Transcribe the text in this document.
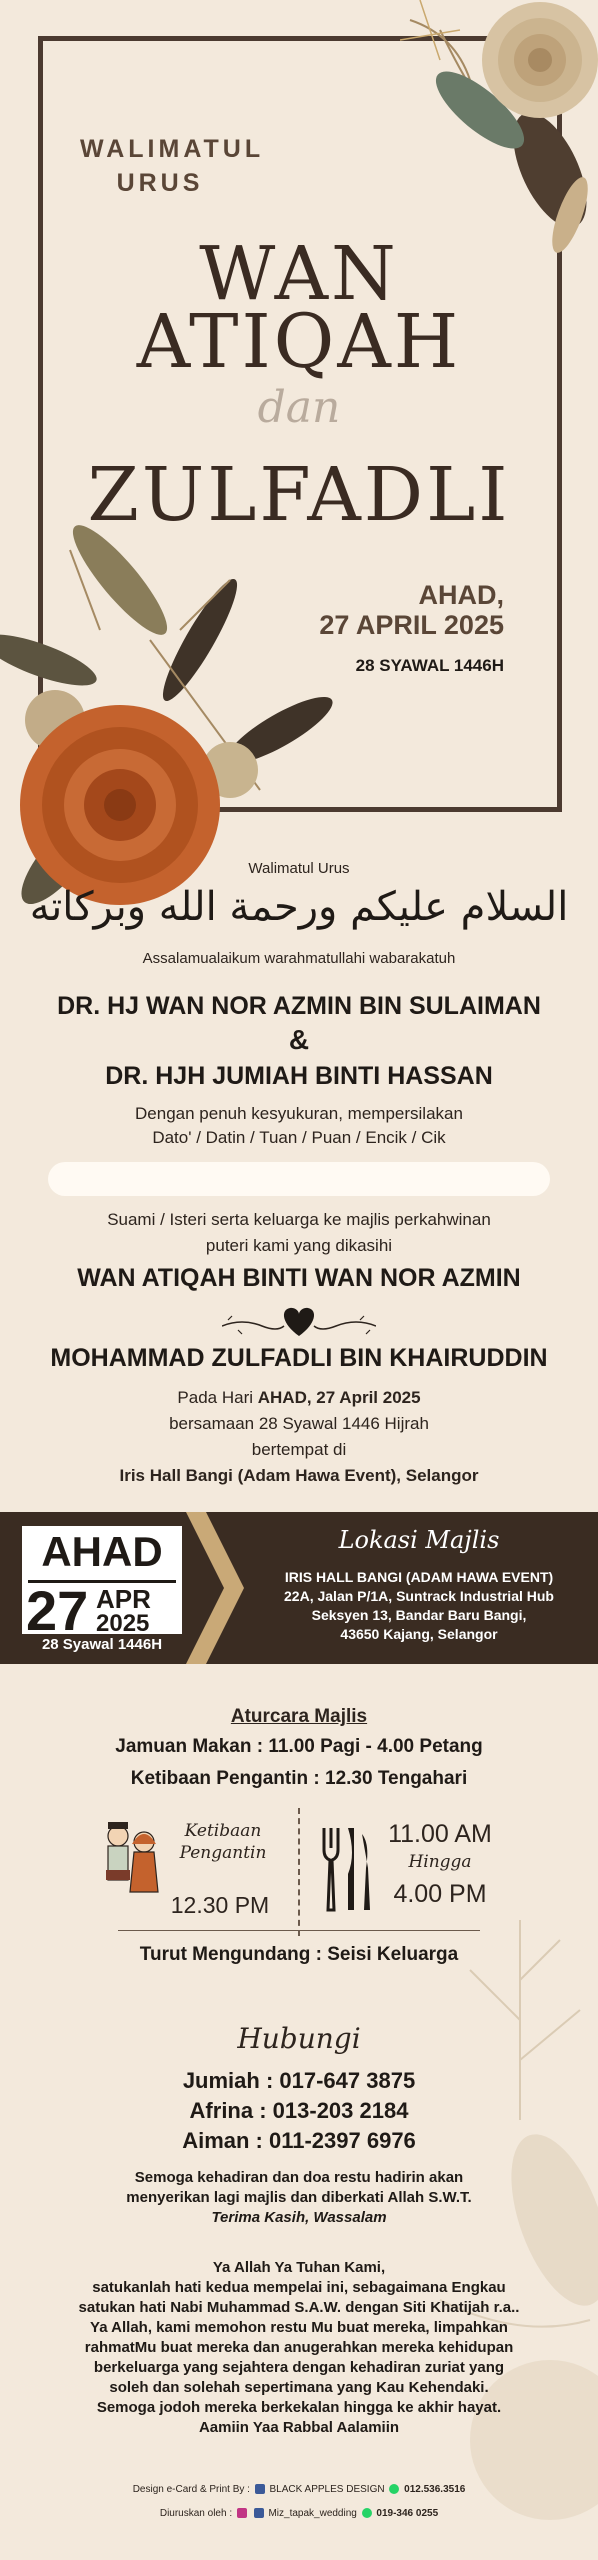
WALIMATUL
URUS
WAN
ATIQAH
dan
ZULFADLI
AHAD,
27 APRIL 2025
28 SYAWAL 1446H
Walimatul Urus
السلام عليكم ورحمة الله وبركاته
Assalamualaikum warahmatullahi wabarakatuh
DR. HJ WAN NOR AZMIN BIN SULAIMAN
&
DR. HJH JUMIAH BINTI HASSAN
Dengan penuh kesyukuran, mempersilakan
Dato' / Datin / Tuan / Puan / Encik / Cik
Suami / Isteri serta keluarga ke majlis perkahwinan
puteri kami yang dikasihi
WAN ATIQAH BINTI WAN NOR AZMIN
MOHAMMAD ZULFADLI BIN KHAIRUDDIN
Pada Hari AHAD, 27 April 2025
bersamaan 28 Syawal 1446 Hijrah
bertempat di
Iris Hall Bangi (Adam Hawa Event), Selangor
AHAD
27 APR
2025
28 Syawal 1446H
Lokasi Majlis
IRIS HALL BANGI (ADAM HAWA EVENT)
22A, Jalan P/1A, Suntrack Industrial Hub
Seksyen 13, Bandar Baru Bangi,
43650 Kajang, Selangor
Aturcara Majlis
Jamuan Makan : 11.00 Pagi - 4.00 Petang
Ketibaan Pengantin : 12.30 Tengahari
Ketibaan
Pengantin
12.30 PM
11.00 AM
Hingga
4.00 PM
Turut Mengundang : Seisi Keluarga
Hubungi
Jumiah : 017-647 3875
Afrina : 013-203 2184
Aiman : 011-2397 6976
Semoga kehadiran dan doa restu hadirin akan
menyerikan lagi majlis dan diberkati Allah S.W.T.
Terima Kasih, Wassalam
Ya Allah Ya Tuhan Kami,
satukanlah hati kedua mempelai ini, sebagaimana Engkau
satukan hati Nabi Muhammad S.A.W. dengan Siti Khatijah r.a..
Ya Allah, kami memohon restu Mu buat mereka, limpahkan
rahmatMu buat mereka dan anugerahkan mereka kehidupan
berkeluarga yang sejahtera dengan kehadiran zuriat yang
soleh dan solehah sepertimana yang Kau Kehendaki.
Semoga jodoh mereka berkekalan hingga ke akhir hayat.
Aamiin Yaa Rabbal Aalamiin
Design e-Card & Print By :  BLACK APPLES DESIGN 012.536.3516
Diuruskan oleh :	Miz_tapak_wedding 019-346 0255
